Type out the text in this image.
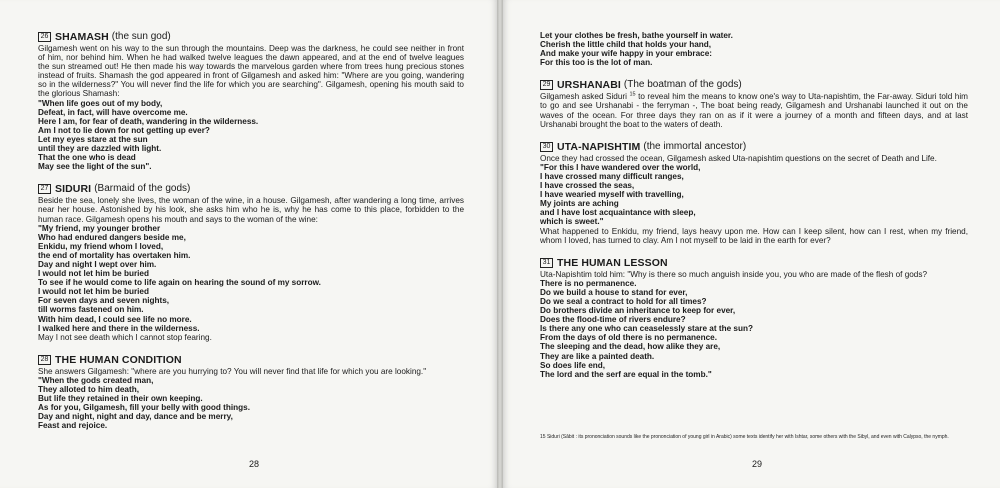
26 SHAMASH (the sun god)

Gilgamesh went on his way to the sun through the mountains. Deep was the darkness, he could see neither in front of him, nor behind him. When he had walked twelve leagues the dawn appeared, and at the end of twelve leagues the sun streamed out! He then made his way towards the marvelous garden where from trees hung precious stones instead of fruits. Shamash the god appeared in front of Gilgamesh and asked him: "Where are you going, wandering so in the wilderness?" You will never find the life for which you are searching". Gilgamesh, opening his mouth said to the glorious Shamash:

"When life goes out of my body,
Defeat, in fact, will have overcome me.
Here I am, for fear of death, wandering in the wilderness.
Am I not to lie down for not getting up ever?
Let my eyes stare at the sun
until they are dazzled with light.
That the one who is dead
May see the light of the sun".
27 SIDURI (Barmaid of the gods)

Beside the sea, lonely she lives, the woman of the wine, in a house. Gilgamesh, after wandering a long time, arrives near her house. Astonished by his look, she asks him who he is, why he has come to this place, forbidden to the human race. Gilgamesh opens his mouth and says to the woman of the wine:

"My friend, my younger brother
Who had endured dangers beside me,
Enkidu, my friend whom I loved,
the end of mortality has overtaken him.
Day and night I wept over him.
I would not let him be buried
To see if he would come to life again on hearing the sound of my sorrow.
I would not let him be buried
For seven days and seven nights,
till worms fastened on him.
With him dead, I could see life no more.
I walked here and there in the wilderness.
May I not see death which I cannot stop fearing.
28 THE HUMAN CONDITION

She answers Gilgamesh: "where are you hurrying to? You will never find that life for which you are looking."

"When the gods created man,
They alloted to him death,
But life they retained in their own keeping.
As for you, Gilgamesh, fill your belly with good things.
Day and night, night and day, dance and be merry,
Feast and rejoice.
28
Let your clothes be fresh, bathe yourself in water.
Cherish the little child that holds your hand,
And make your wife happy in your embrace:
For this too is the lot of man.
29 URSHANABI (The boatman of the gods)

Gilgamesh asked Siduri $^{15}$ to reveal him the means to know one's way to Uta-napishtim, the Far-away. Siduri told him to go and see Urshanabi - the ferryman -, The boat being ready, Gilgamesh and Urshanabi launched it out on the waves of the ocean. For three days they ran on as if it were a journey of a month and fifteen days, and at last Urshanabi brought the boat to the waters of death.

30 UTA-NAPISHTIM (the immortal ancestor)

Once they had crossed the ocean, Gilgamesh asked Uta-napishtim questions on the secret of Death and Life.

"For this I have wandered over the world,
I have crossed many difficult ranges,
I have crossed the seas,
I have wearied myself with travelling,
My joints are aching
and I have lost acquaintance with sleep,
which is sweet."

What happened to Enkidu, my friend, lays heavy upon me. How can I keep silent, how can I rest, when my friend, whom I loved, has turned to clay. Am I not myself to be laid in the earth for ever?

31 THE HUMAN LESSON

Uta-Napishtim told him: "Why is there so much anguish inside you, you who are made of the flesh of gods?

There is no permanence.
Do we build a house to stand for ever,
Do we seal a contract to hold for all times?
Do brothers divide an inheritance to keep for ever,
Does the flood-time of rivers endure?
Is there any one who can ceaselessly stare at the sun?
From the days of old there is no permanence.
The sleeping and the dead, how alike they are,
They are like a painted death.
So does life end,
The lord and the serf are equal in the tomb."
15 Siduri (Sâbit : its prononciation sounds like the prononciation of young girl in Arabic) some texts identify her with Ishtar, some others with the Sibyl, and even with Calypso, the nymph.
29
